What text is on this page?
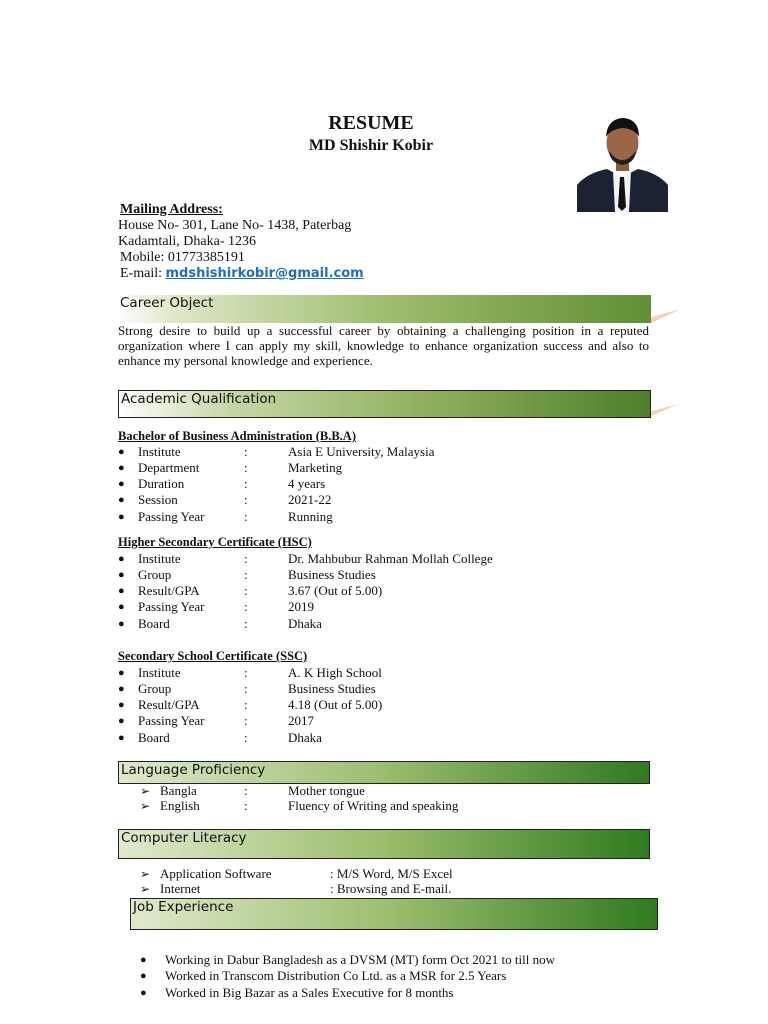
RESUME
MD Shishir Kobir
Mailing Address:
House No- 301, Lane No- 1438, Paterbag
Kadamtali, Dhaka- 1236
Mobile: 01773385191
E-mail: mdshishirkobir@gmail.com
Career Object
Strong desire to build up a successful career by obtaining a challenging position in a reputed organization where I can apply my skill, knowledge to enhance organization success and also to enhance my personal knowledge and experience.
Academic Qualification
Bachelor of Business Administration (B.B.A)
● Institute	:	Asia E University, Malaysia
● Department	:	Marketing
● Duration	:	4 years
● Session	:	2021-22
● Passing Year	:	Running
Higher Secondary Certificate (HSC)
● Institute	:	Dr. Mahbubur Rahman Mollah College
● Group	:	Business Studies
● Result/GPA	:	3.67 (Out of 5.00)
● Passing Year	:	2019
● Board	:	Dhaka
Secondary School Certificate (SSC)
● Institute	:	A. K High School
● Group	:	Business Studies
● Result/GPA	:	4.18 (Out of 5.00)
● Passing Year	:	2017
● Board	:	Dhaka
Language Proficiency
➢ Bangla	:	Mother tongue
➢ English	:	Fluency of Writing and speaking
Computer Literacy
➢ Application Software	: M/S Word, M/S Excel
➢ Internet	: Browsing and E-mail.
Job Experience
● Working in Dabur Bangladesh as a DVSM (MT) form Oct 2021 to till now
● Worked in Transcom Distribution Co Ltd. as a MSR for 2.5 Years
● Worked in Big Bazar as a Sales Executive for 8 months
